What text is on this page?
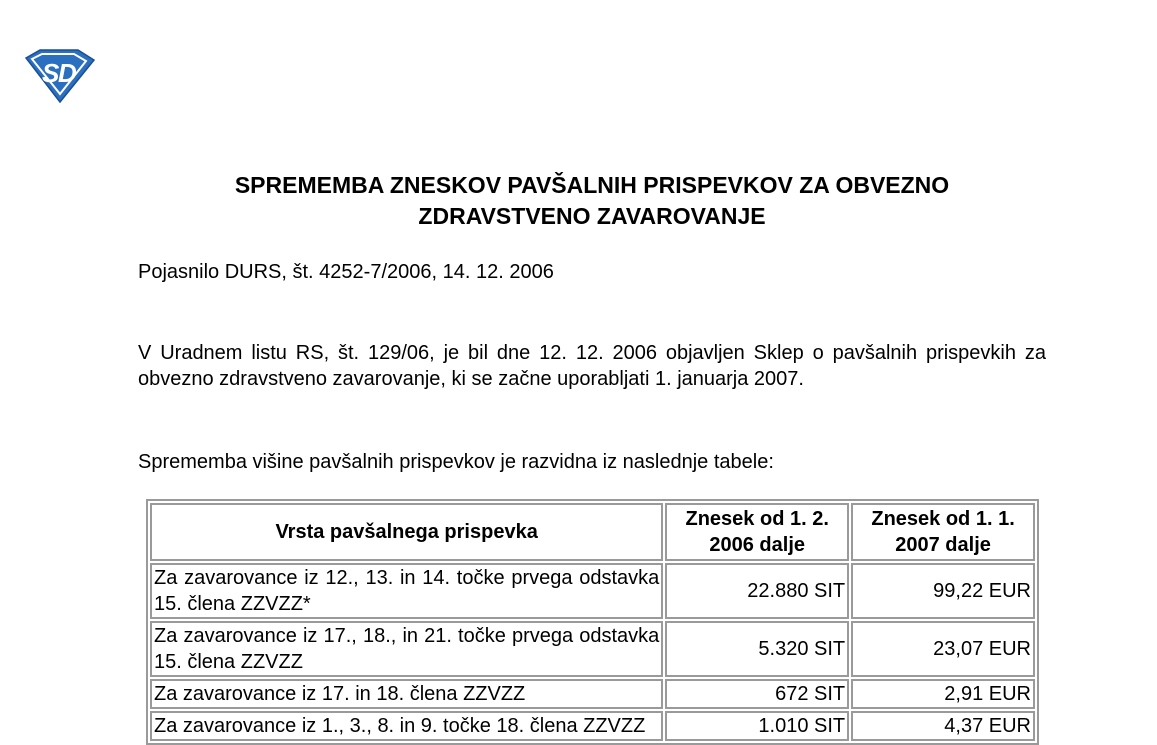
S
D
SPREMEMBA ZNESKOV PAVŠALNIH PRISPEVKOV ZA OBVEZNO
ZDRAVSTVENO ZAVAROVANJE

Pojasnilo DURS, št. 4252-7/2006, 14. 12. 2006

V Uradnem listu RS, št. 129/06, je bil dne 12. 12. 2006 objavljen Sklep o pavšalnih prispevkih za obvezno zdravstveno zavarovanje, ki se začne uporabljati 1. januarja 2007.

Sprememba višine pavšalnih prispevkov je razvidna iz naslednje tabele:

Vrsta pavšalnega prispevka	Znesek od 1. 2. 2006 dalje	Znesek od 1. 1. 2007 dalje
Za zavarovance iz 12., 13. in 14. točke prvega odstavka 15. člena ZZVZZ*	22.880 SIT	99,22 EUR
Za zavarovance iz 17., 18., in 21. točke prvega odstavka 15. člena ZZVZZ	5.320 SIT	23,07 EUR
Za zavarovance iz 17. in 18. člena ZZVZZ	672 SIT	2,91 EUR
Za zavarovance iz 1., 3., 8. in 9. točke 18. člena ZZVZZ	1.010 SIT	4,37 EUR
